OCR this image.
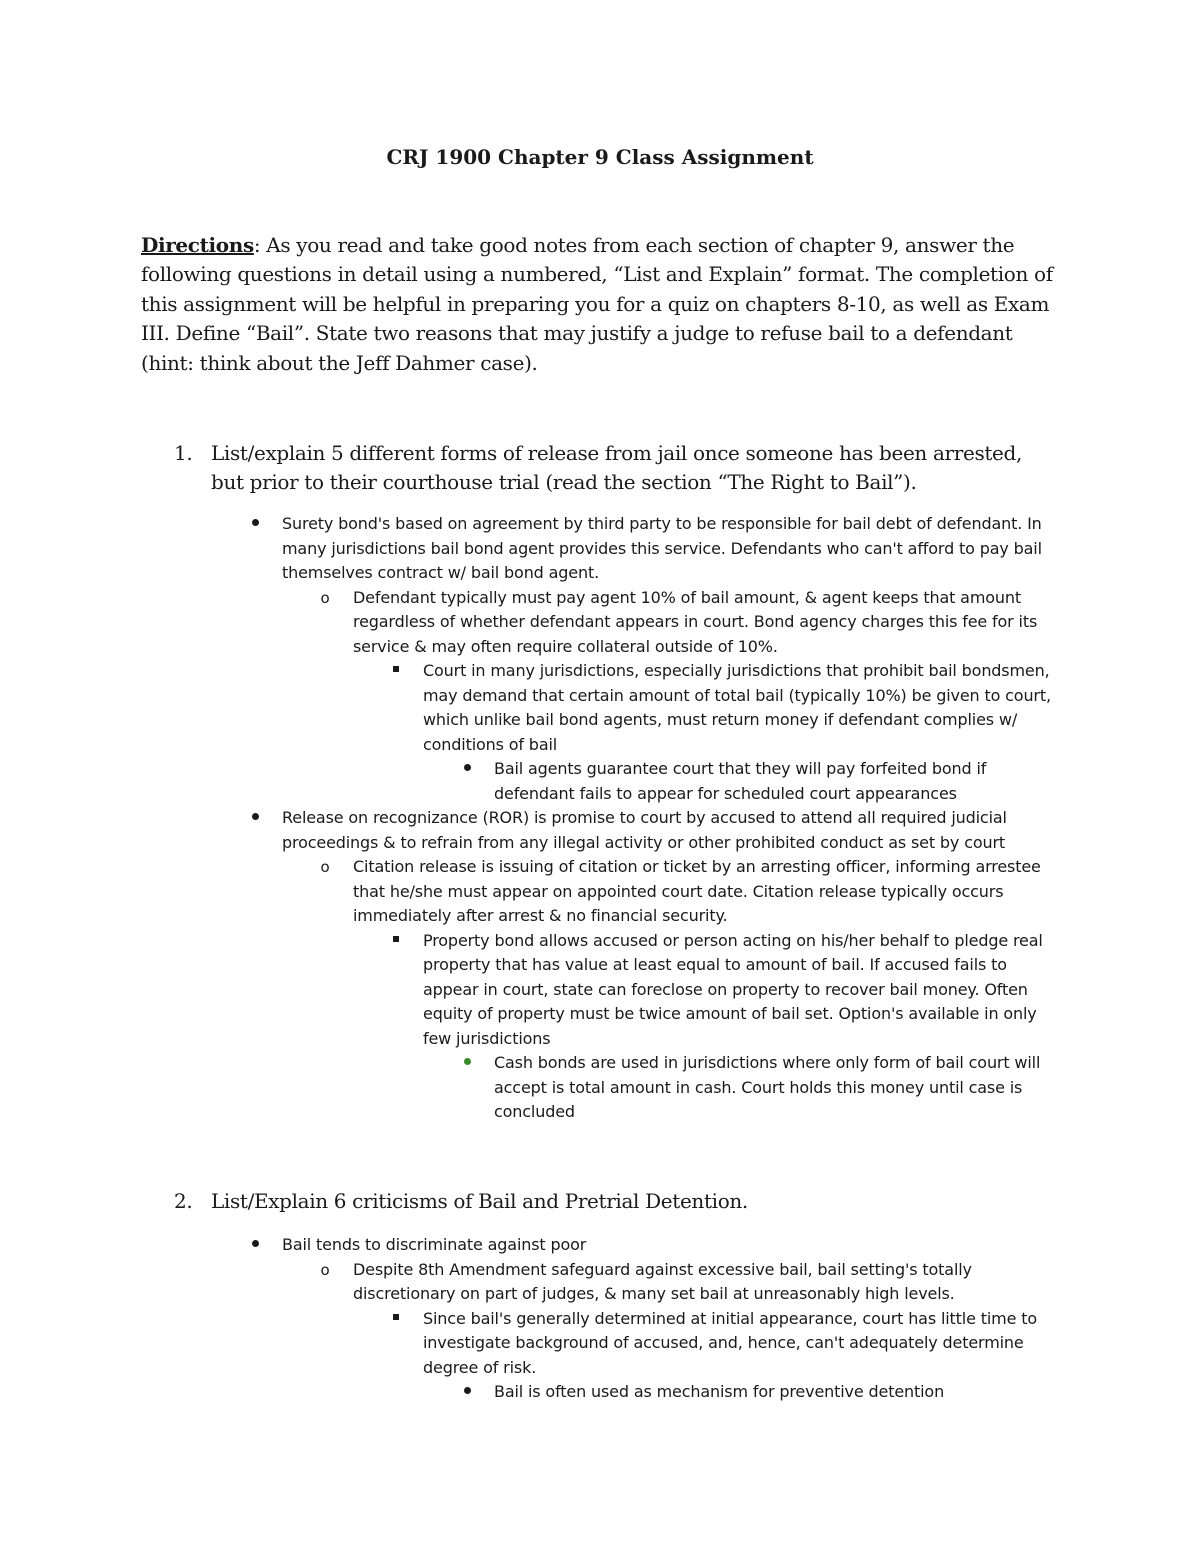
CRJ 1900 Chapter 9 Class Assignment

Directions: As you read and take good notes from each section of chapter 9, answer the following questions in detail using a numbered, “List and Explain” format. The completion of this assignment will be helpful in preparing you for a quiz on chapters 8-10, as well as Exam III. Define “Bail”. State two reasons that may justify a judge to refuse bail to a defendant (hint: think about the Jeff Dahmer case).

1. List/explain 5 different forms of release from jail once someone has been arrested, but prior to their courthouse trial (read the section “The Right to Bail”).
Surety bond's based on agreement by third party to be responsible for bail debt of defendant. In many jurisdictions bail bond agent provides this service. Defendants who can't afford to pay bail themselves contract w/ bail bond agent.
o	Defendant typically must pay agent 10% of bail amount, & agent keeps that amount regardless of whether defendant appears in court. Bond agency charges this fee for its service & may often require collateral outside of 10%.
Court in many jurisdictions, especially jurisdictions that prohibit bail bondsmen, may demand that certain amount of total bail (typically 10%) be given to court, which unlike bail bond agents, must return money if defendant complies w/ conditions of bail
Bail agents guarantee court that they will pay forfeited bond if defendant fails to appear for scheduled court appearances
Release on recognizance (ROR) is promise to court by accused to attend all required judicial proceedings & to refrain from any illegal activity or other prohibited conduct as set by court
o	Citation release is issuing of citation or ticket by an arresting officer, informing arrestee that he/she must appear on appointed court date. Citation release typically occurs immediately after arrest & no financial security.
Property bond allows accused or person acting on his/her behalf to pledge real property that has value at least equal to amount of bail. If accused fails to appear in court, state can foreclose on property to recover bail money. Often equity of property must be twice amount of bail set. Option's available in only few jurisdictions
Cash bonds are used in jurisdictions where only form of bail court will accept is total amount in cash. Court holds this money until case is concluded
2. List/Explain 6 criticisms of Bail and Pretrial Detention.
Bail tends to discriminate against poor
o	Despite 8th Amendment safeguard against excessive bail, bail setting's totally discretionary on part of judges, & many set bail at unreasonably high levels.
Since bail's generally determined at initial appearance, court has little time to investigate background of accused, and, hence, can't adequately determine degree of risk.
Bail is often used as mechanism for preventive detention
